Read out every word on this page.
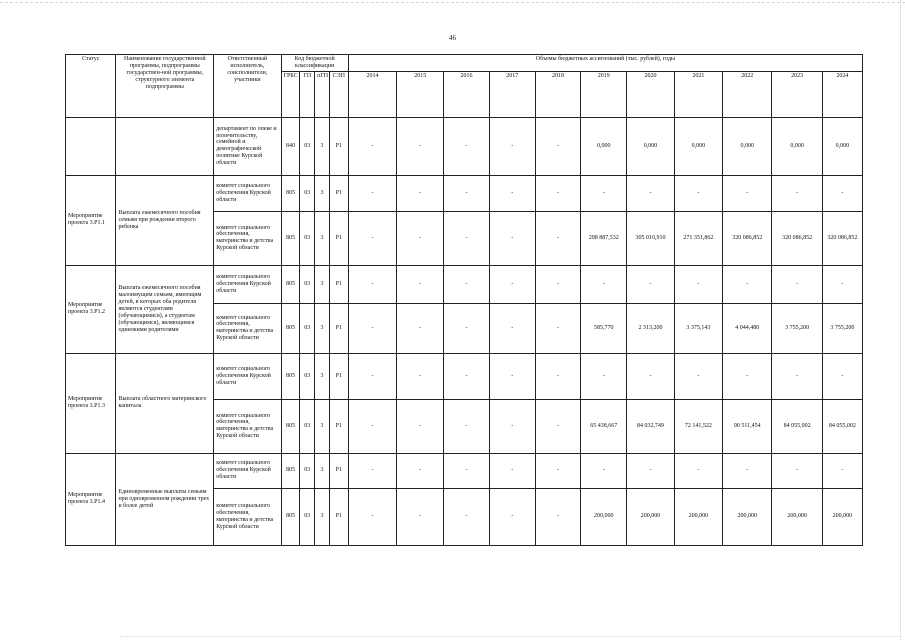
46
Статус	Наименование государственной программы, подпрограммы государствен-ной программы, структурного элемента подпрограммы	Ответственный исполнитель, соисполнители, участники	Код бюджетной классификации				Объемы бюджетных ассигнований (тыс. рублей), годы										
			ГРБС	ГП	пГП	СЭП	2014	2015	2016	2017	2018	2019	2020	2021	2022	2023	2024
		департамент по опеке и попечительству, семейной и демографической политике Курской области	840	03	3	P1	-	-	-	-	-	0,000	0,000	0,000	0,000	0,000	0,000
Мероприятие проекта 3.Р1.1	Выплата ежемесячного пособия семьям при рождении второго ребенка	комитет социального обеспечения Курской области	805	03	3	P1	-	-	-	-	-	-	-	-	-	-	-
		комитет социального обеспечения, материнства и детства Курской области	805	03	3	P1	-	-	-	-	-	298 887,532	305 010,910	271 351,862	320 086,852	320 086,852	320 086,852
Мероприятие проекта 3.Р1.2	Выплата ежемесячного пособия малоимущим семьям, имеющим детей, в которых оба родителя являются студентами (обучающимися), а студентам (обучающимся), являющимся одинокими родителями	комитет социального обеспечения Курской области	805	03	3	P1	-	-	-	-	-	-	-	-	-	-	-
		комитет социального обеспечения, материнства и детства Курской области	805	03	3	P1	-	-	-	-	-	585,770	2 313,200	3 375,143	4 044,480	3 755,200	3 755,200
Мероприятие проекта 3.Р1.3	Выплата областного материнского капитала	комитет социального обеспечения Курской области	805	03	3	P1	-	-	-	-	-	-	-	-	-	-	-
		комитет социального обеспечения, материнства и детства Курской области	805	03	3	P1	-	-	-	-	-	65 438,667	84 032,749	72 141,522	90 511,454	84 055,002	84 055,002
Мероприятие проекта 3.Р1.4	Единовременные выплаты семьям при одновременном рождении трех и более детей	комитет социального обеспечения Курской области	805	03	3	P1	-	-	-	-	-	-	-	-	-	-	-
		комитет социального обеспечения, материнства и детства Курской области	805	03	3	P1	-	-	-	-	-	200,000	200,000	200,000	200,000	200,000	200,000
